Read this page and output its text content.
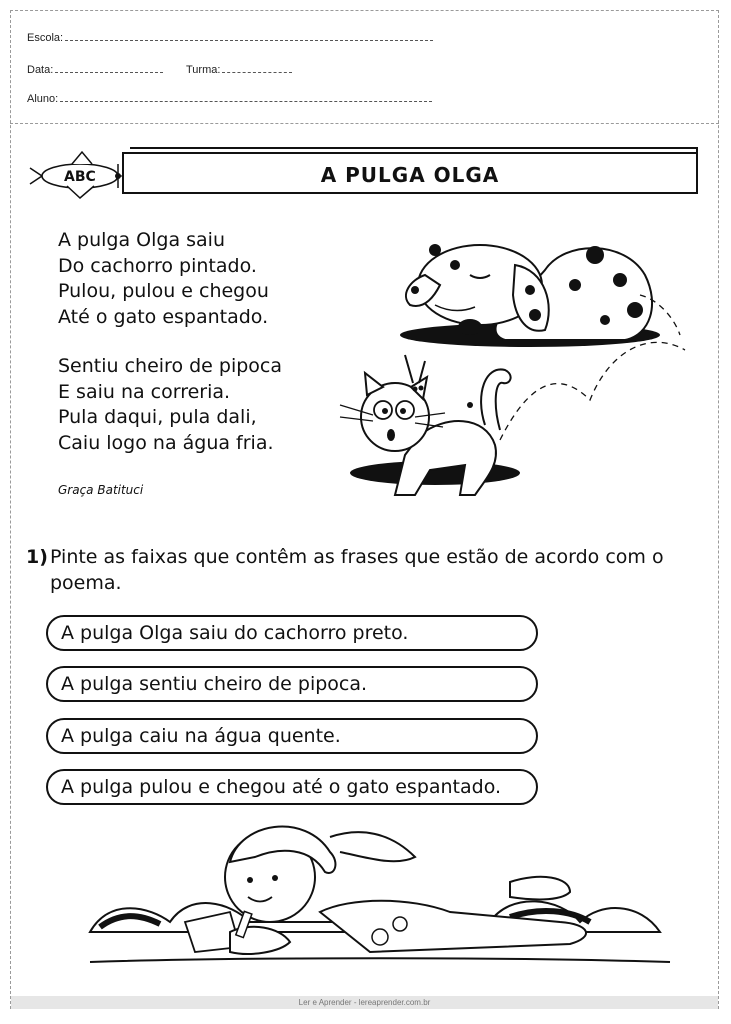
Escola:
Data:	Turma:
Aluno:
ABC	A PULGA OLGA
A pulga Olga saiu
Do cachorro pintado.
Pulou, pulou e chegou
Até o gato espantado.
Sentiu cheiro de pipoca
E saiu na correria.
Pula daqui, pula dali,
Caiu logo na água fria.
Graça Batituci
1) Pinte as faixas que contêm as frases que estão de acordo com o poema.
A pulga Olga saiu do cachorro preto.
A pulga sentiu cheiro de pipoca.
A pulga caiu na água quente.
A pulga pulou e chegou até o gato espantado.
Ler e Aprender - lereaprender.com.br
